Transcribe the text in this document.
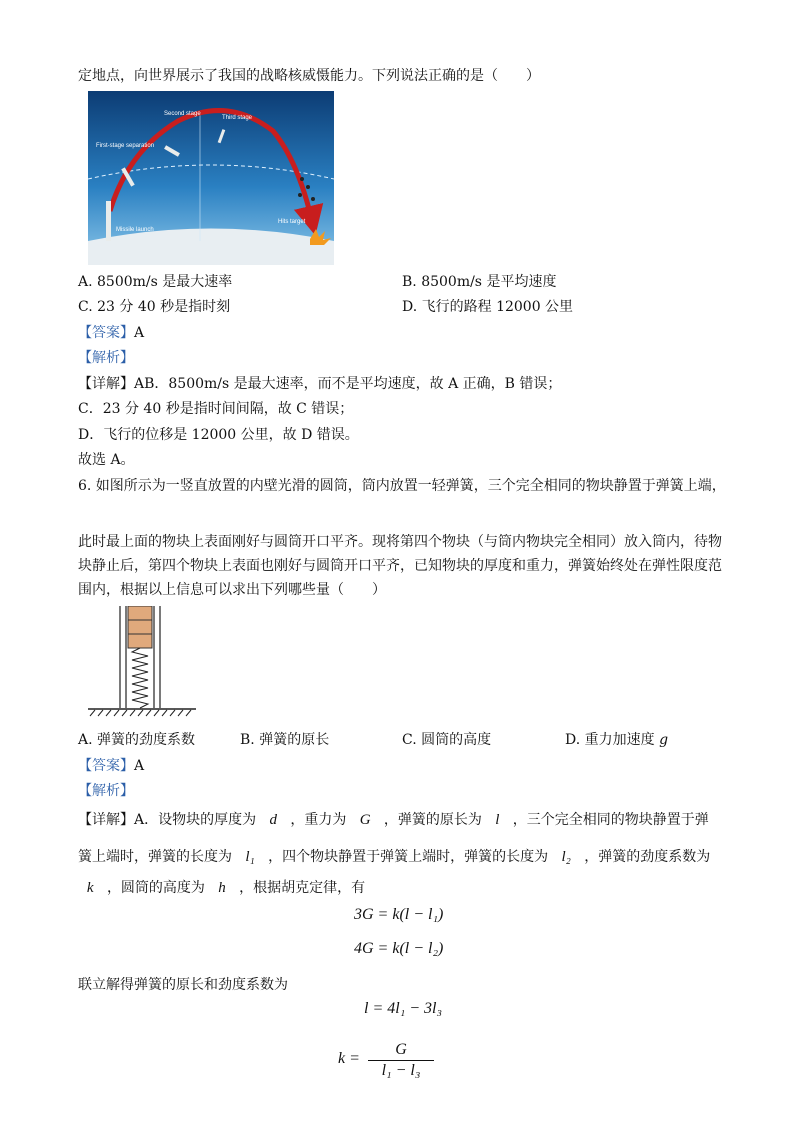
定地点，向世界展示了我国的战略核威慑能力。下列说法正确的是（　　）
First-stage separation
Second stage
Third stage
Missile launch
Hits target
A. 8500m/s 是最大速率	B. 8500m/s 是平均速度
C. 23 分 40 秒是指时刻	D. 飞行的路程 12000 公里
【答案】A
【解析】
【详解】AB．8500m/s 是最大速率，而不是平均速度，故 A 正确，B 错误；
C．23 分 40 秒是指时间间隔，故 C 错误；
D．飞行的位移是 12000 公里，故 D 错误。
故选 A。
6. 如图所示为一竖直放置的内壁光滑的圆筒，筒内放置一轻弹簧，三个完全相同的物块静置于弹簧上端，
此时最上面的物块上表面刚好与圆筒开口平齐。现将第四个物块（与筒内物块完全相同）放入筒内，待物
块静止后，第四个物块上表面也刚好与圆筒开口平齐，已知物块的厚度和重力，弹簧始终处在弹性限度范
围内，根据以上信息可以求出下列哪些量（　　）
A. 弹簧的劲度系数	B. 弹簧的原长	C. 圆筒的高度	D. 重力加速度 g
【答案】A
【解析】
【详解】A．设物块的厚度为 d ，重力为 G ，弹簧的原长为 l ，三个完全相同的物块静置于弹
簧上端时，弹簧的长度为 l₁ ，四个物块静置于弹簧上端时，弹簧的长度为 l₂ ，弹簧的劲度系数为
k ，圆筒的高度为 h ，根据胡克定律，有
3G = k(l − l₁)
4G = k(l − l₂)
联立解得弹簧的原长和劲度系数为
l = 4l₁ − 3l₃
$k = \frac{G}{\text{l₁ − l₃}}$
